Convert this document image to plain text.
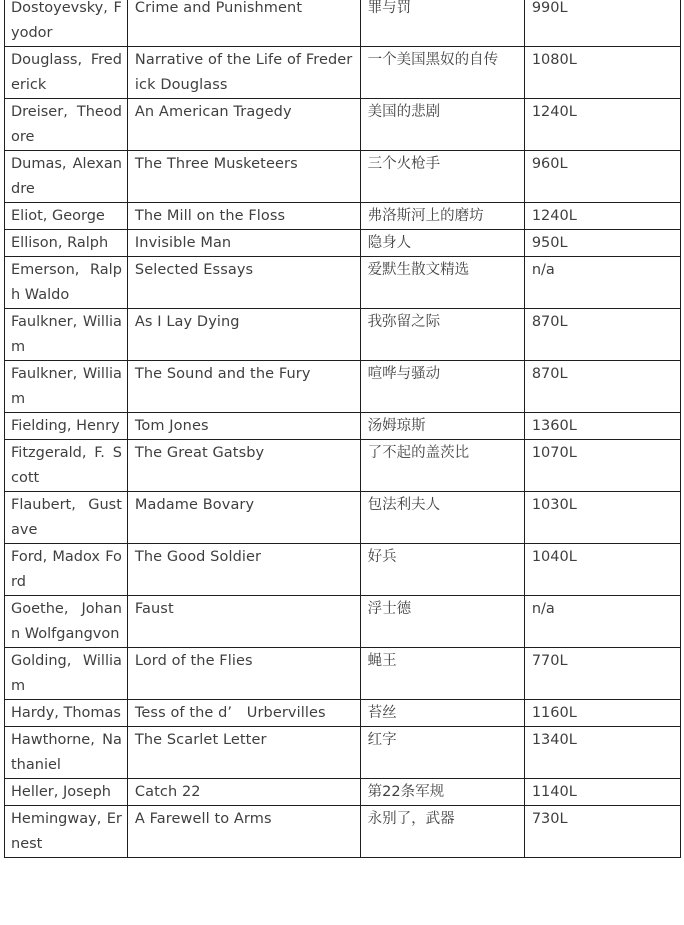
Dostoyevsky, Fyodor	Crime and Punishment	罪与罚	990L
Douglass, Frederick	Narrative of the Life of Frederick Douglass	一个美国黑奴的自传	1080L
Dreiser, Theodore	An American Tragedy	美国的悲剧	1240L
Dumas, Alexandre	The Three Musketeers	三个火枪手	960L
Eliot, George	The Mill on the Floss	弗洛斯河上的磨坊	1240L
Ellison, Ralph	Invisible Man	隐身人	950L
Emerson, Ralph Waldo	Selected Essays	爱默生散文精选	n/a
Faulkner, William	As I Lay Dying	我弥留之际	870L
Faulkner, William	The Sound and the Fury	喧哗与骚动	870L
Fielding, Henry	Tom Jones	汤姆琼斯	1360L
Fitzgerald, F. Scott	The Great Gatsby	了不起的盖茨比	1070L
Flaubert, Gustave	Madame Bovary	包法利夫人	1030L
Ford, Madox Ford	The Good Soldier	好兵	1040L
Goethe, Johann Wolfgangvon	Faust	浮士德	n/a
Golding, William	Lord of the Flies	蝇王	770L
Hardy, Thomas	Tess of the d’　Urbervilles	苔丝	1160L
Hawthorne, Nathaniel	The Scarlet Letter	红字	1340L
Heller, Joseph	Catch 22	第22条军规	1140L
Hemingway, Ernest	A Farewell to Arms	永别了，武器	730L
